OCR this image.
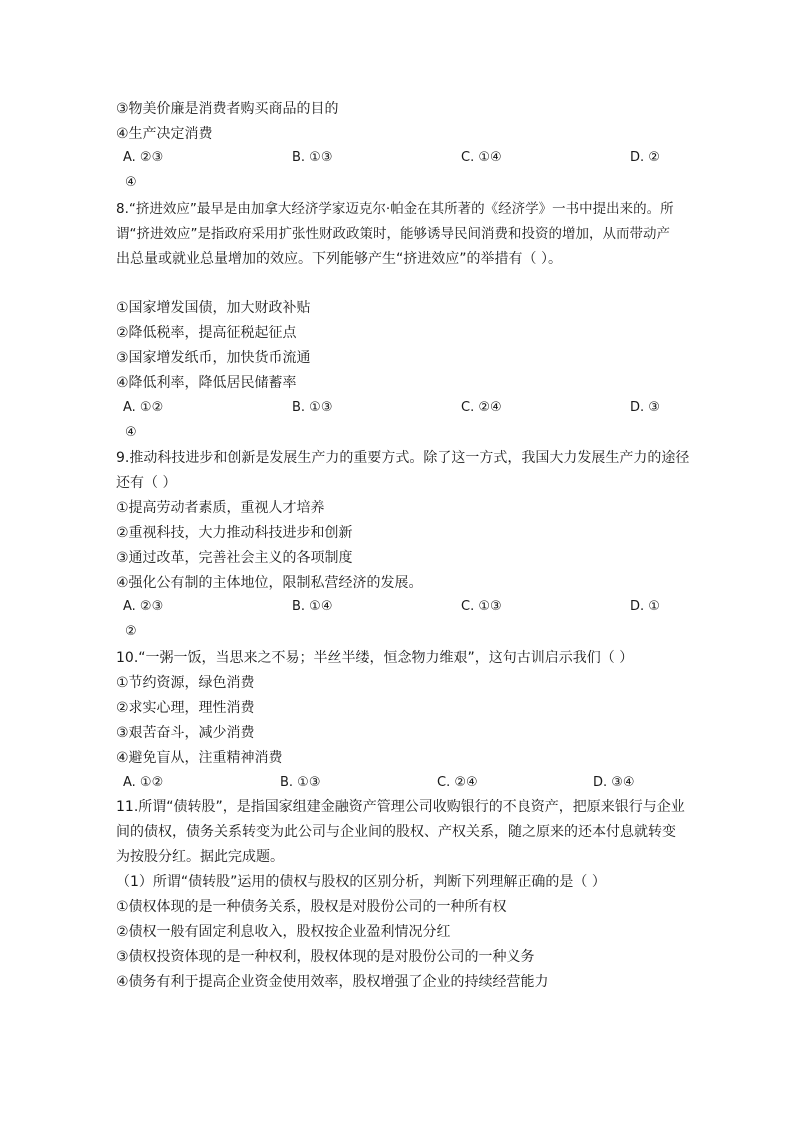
③物美价廉是消费者购买商品的目的
④生产决定消费
A. ②③	B. ①③	C. ①④	D. ②
④
8.“挤进效应”最早是由加拿大经济学家迈克尔·帕金在其所著的《经济学》一书中提出来的。所
谓“挤进效应”是指政府采用扩张性财政政策时，能够诱导民间消费和投资的增加，从而带动产
出总量或就业总量增加的效应。下列能够产生“挤进效应”的举措有（ ）。
①国家增发国债，加大财政补贴
②降低税率，提高征税起征点
③国家增发纸币，加快货币流通
④降低利率，降低居民储蓄率
A. ①②	B. ①③	C. ②④	D. ③
④
9.推动科技进步和创新是发展生产力的重要方式。除了这一方式，我国大力发展生产力的途径
还有（ ）
①提高劳动者素质，重视人才培养
②重视科技，大力推动科技进步和创新
③通过改革，完善社会主义的各项制度
④强化公有制的主体地位，限制私营经济的发展。
A. ②③	B. ①④	C. ①③	D. ①
②
10.“一粥一饭，当思来之不易；半丝半缕，恒念物力维艰”，这句古训启示我们（ ）
①节约资源，绿色消费
②求实心理，理性消费
③艰苦奋斗，减少消费
④避免盲从，注重精神消费
A. ①②	B. ①③	C. ②④	D. ③④
11.所谓“债转股”，是指国家组建金融资产管理公司收购银行的不良资产，把原来银行与企业
间的债权，债务关系转变为此公司与企业间的股权、产权关系，随之原来的还本付息就转变
为按股分红。据此完成题。
（1）所谓“债转股”运用的债权与股权的区别分析，判断下列理解正确的是（ ）
①债权体现的是一种债务关系，股权是对股份公司的一种所有权
②债权一般有固定利息收入，股权按企业盈利情况分红
③债权投资体现的是一种权利，股权体现的是对股份公司的一种义务
④债务有利于提高企业资金使用效率，股权增强了企业的持续经营能力
